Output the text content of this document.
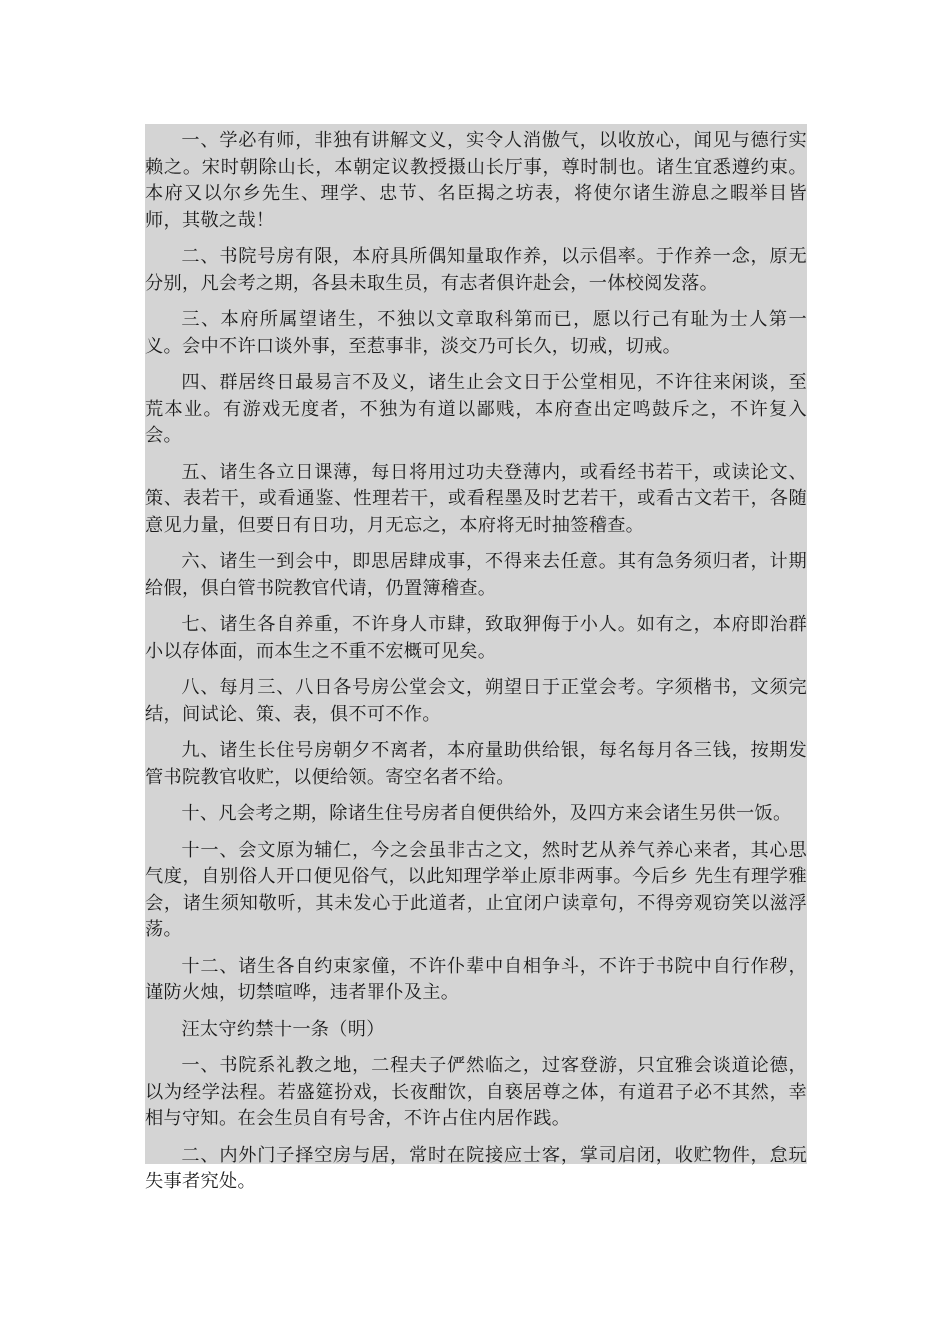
一、学必有师，非独有讲解文义，实令人消傲气，以收放心，闻见与德行实赖之。宋时朝除山长，本朝定议教授摄山长厅事，尊时制也。诸生宜悉遵约束。本府又以尔乡先生、理学、忠节、名臣揭之坊表，将使尔诸生游息之暇举目皆师，其敬之哉！

二、书院号房有限，本府具所偶知量取作养，以示倡率。于作养一念，原无分别，凡会考之期，各县未取生员，有志者俱许赴会，一体校阅发落。

三、本府所属望诸生，不独以文章取科第而已，愿以行己有耻为士人第一义。会中不许口谈外事，至惹事非，淡交乃可长久，切戒，切戒。

四、群居终日最易言不及义，诸生止会文日于公堂相见，不许往来闲谈，至荒本业。有游戏无度者，不独为有道以鄙贱，本府查出定鸣鼓斥之，不许复入会。

五、诸生各立日课薄，每日将用过功夫登薄内，或看经书若干，或读论文、策、表若干，或看通鉴、性理若干，或看程墨及时艺若干，或看古文若干，各随意见力量，但要日有日功，月无忘之，本府将无时抽签稽查。

六、诸生一到会中，即思居肆成事，不得来去任意。其有急务须归者，计期给假，俱白管书院教官代请，仍置簿稽查。

七、诸生各自养重，不许身人市肆，致取狎侮于小人。如有之，本府即治群小以存体面，而本生之不重不宏概可见矣。

八、每月三、八日各号房公堂会文，朔望日于正堂会考。字须楷书，文须完结，间试论、策、表，俱不可不作。

九、诸生长住号房朝夕不离者，本府量助供给银，每名每月各三钱，按期发管书院教官收贮，以便给领。寄空名者不给。

十、凡会考之期，除诸生住号房者自便供给外，及四方来会诸生另供一饭。

十一、会文原为辅仁，今之会虽非古之文，然时艺从养气养心来者，其心思气度，自别俗人开口便见俗气，以此知理学举止原非两事。今后乡 先生有理学雅会，诸生须知敬听，其未发心于此道者，止宜闭户读章句，不得旁观窃笑以滋浮荡。

十二、诸生各自约束家僮，不许仆辈中自相争斗，不许于书院中自行作秽，谨防火烛，切禁喧哗，违者罪仆及主。

汪太守约禁十一条（明）

一、书院系礼教之地，二程夫子俨然临之，过客登游，只宜雅会谈道论德，以为经学法程。若盛筵扮戏，长夜酣饮，自亵居尊之体，有道君子必不其然，幸相与守知。在会生员自有号舍，不许占住内居作践。

二、内外门子择空房与居，常时在院接应士客，掌司启闭，收贮物件，怠玩失事者究处。
